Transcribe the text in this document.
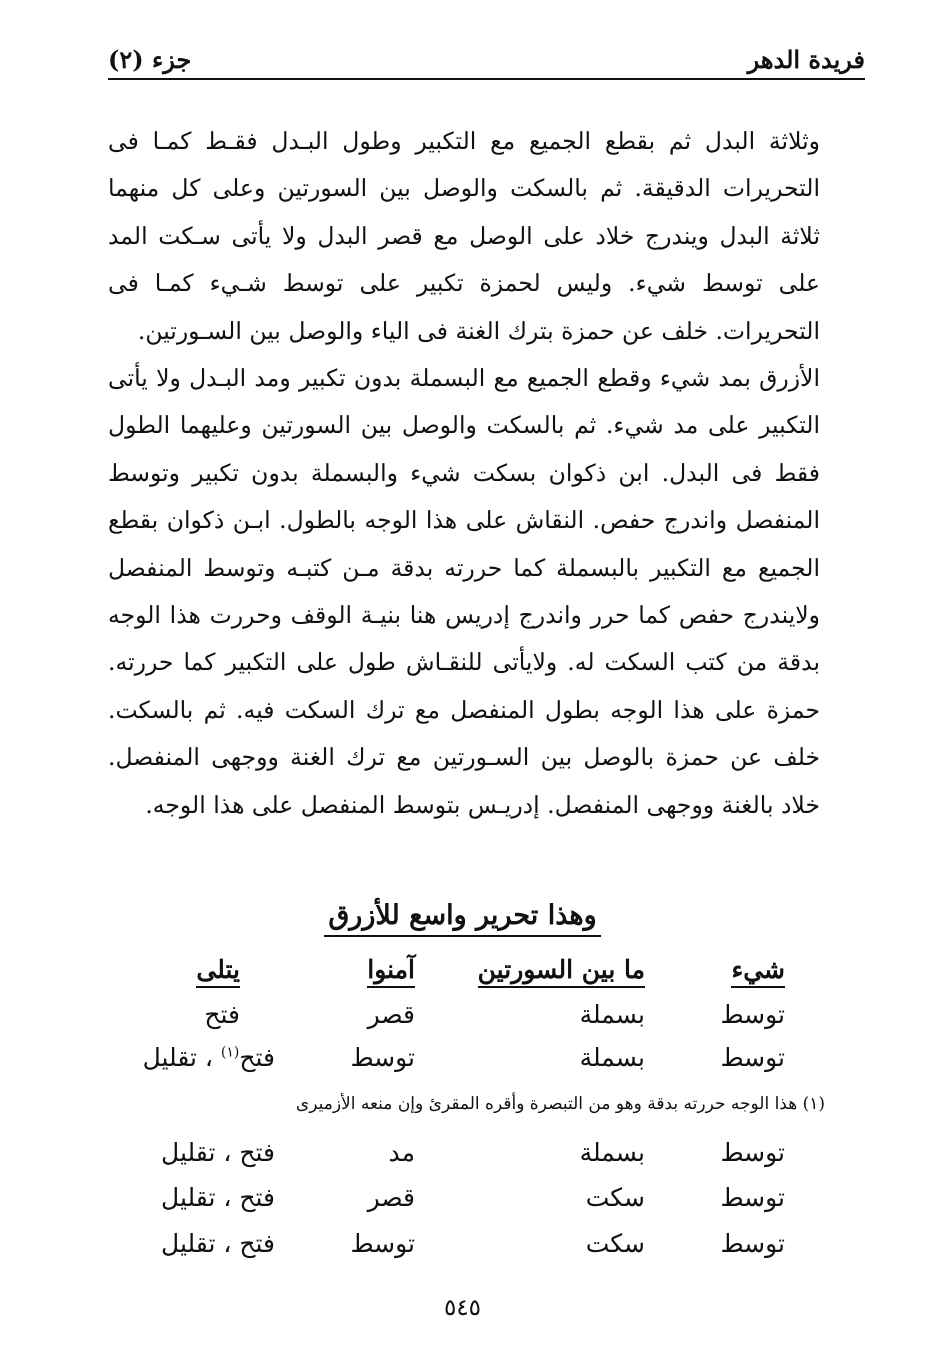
فريدة الدهر
جزء (٢)

وثلاثة البدل ثم بقطع الجميع مع التكبير وطول البـدل فقـط كمـا فى التحريرات الدقيقة. ثم بالسكت والوصل بين السورتين وعلى كل منهما ثلاثة البدل ويندرج خلاد على الوصل مع قصر البدل ولا يأتى سـكت المد على توسط شيء. وليس لحمزة تكبير على توسط شـيء كمـا فى التحريرات. خلف عن حمزة بترك الغنة فى الياء والوصل بين السـورتين.

الأزرق بمد شيء وقطع الجميع مع البسملة بدون تكبير ومد البـدل ولا يأتى التكبير على مد شيء. ثم بالسكت والوصل بين السورتين وعليهما الطول فقط فى البدل. ابن ذكوان بسكت شيء والبسملة بدون تكبير وتوسط المنفصل واندرج حفص. النقاش على هذا الوجه بالطول. ابـن ذكوان بقطع الجميع مع التكبير بالبسملة كما حررته بدقة مـن كتبـه وتوسط المنفصل ولايندرج حفص كما حرر واندرج إدريس هنا بنيـة الوقف وحررت هذا الوجه بدقة من كتب السكت له. ولايأتى للنقـاش طول على التكبير كما حررته. حمزة على هذا الوجه بطول المنفصل مع ترك السكت فيه. ثم بالسكت. خلف عن حمزة بالوصل بين السـورتين مع ترك الغنة ووجهى المنفصل. خلاد بالغنة ووجهى المنفصل. إدريـس بتوسط المنفصل على هذا الوجه.

وهذا تحرير واسع للأزرق
شيء
ما بين السورتين
آمنوا
يتلى
توسط
بسملة
قصر
فتح
توسط
بسملة
توسط
فتح$^{(١)}$ ، تقليل
(١) هذا الوجه حررته بدقة وهو من التبصرة وأقره المقرئ وإن منعه الأزميرى
توسط
بسملة
مد
فتح ، تقليل
توسط
سكت
قصر
فتح ، تقليل
توسط
سكت
توسط
فتح ، تقليل
٥٤٥
